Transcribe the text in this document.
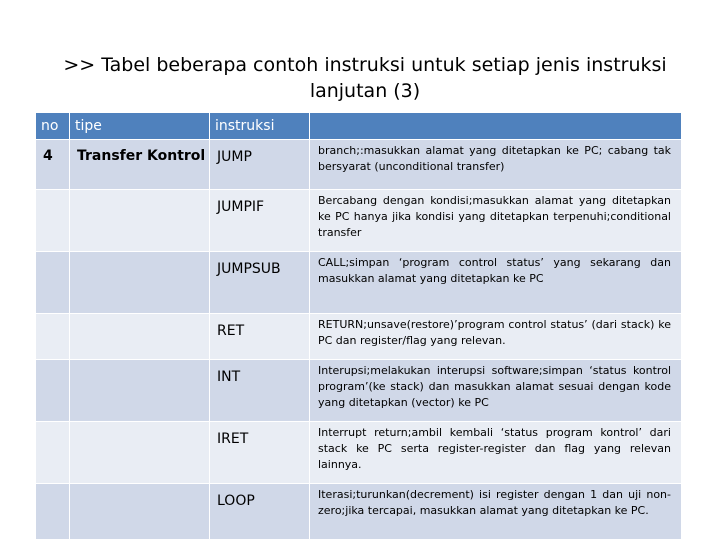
>> Tabel beberapa contoh instruksi untuk setiap jenis instruksi lanjutan (3)
no	tipe	instruksi	
4	Transfer Kontrol	JUMP	branch;:masukkan alamat yang ditetapkan ke PC; cabang tak bersyarat (unconditional transfer)
		JUMPIF	Bercabang dengan kondisi;masukkan alamat yang ditetapkan ke PC hanya jika kondisi yang ditetapkan terpenuhi;conditional transfer
		JUMPSUB	CALL;simpan ‘program control status’ yang sekarang dan masukkan alamat yang ditetapkan ke PC
		RET	RETURN;unsave(restore)’program control status’ (dari stack) ke PC dan register/flag yang relevan.
		INT	Interupsi;melakukan interupsi software;simpan ‘status kontrol program’(ke stack) dan masukkan alamat sesuai dengan kode yang ditetapkan (vector) ke PC
		IRET	Interrupt return;ambil kembali ‘status program kontrol’ dari stack ke PC serta register-register dan flag yang relevan lainnya.
		LOOP	Iterasi;turunkan(decrement) isi register dengan 1 dan uji non-zero;jika tercapai, masukkan alamat yang ditetapkan ke PC.
